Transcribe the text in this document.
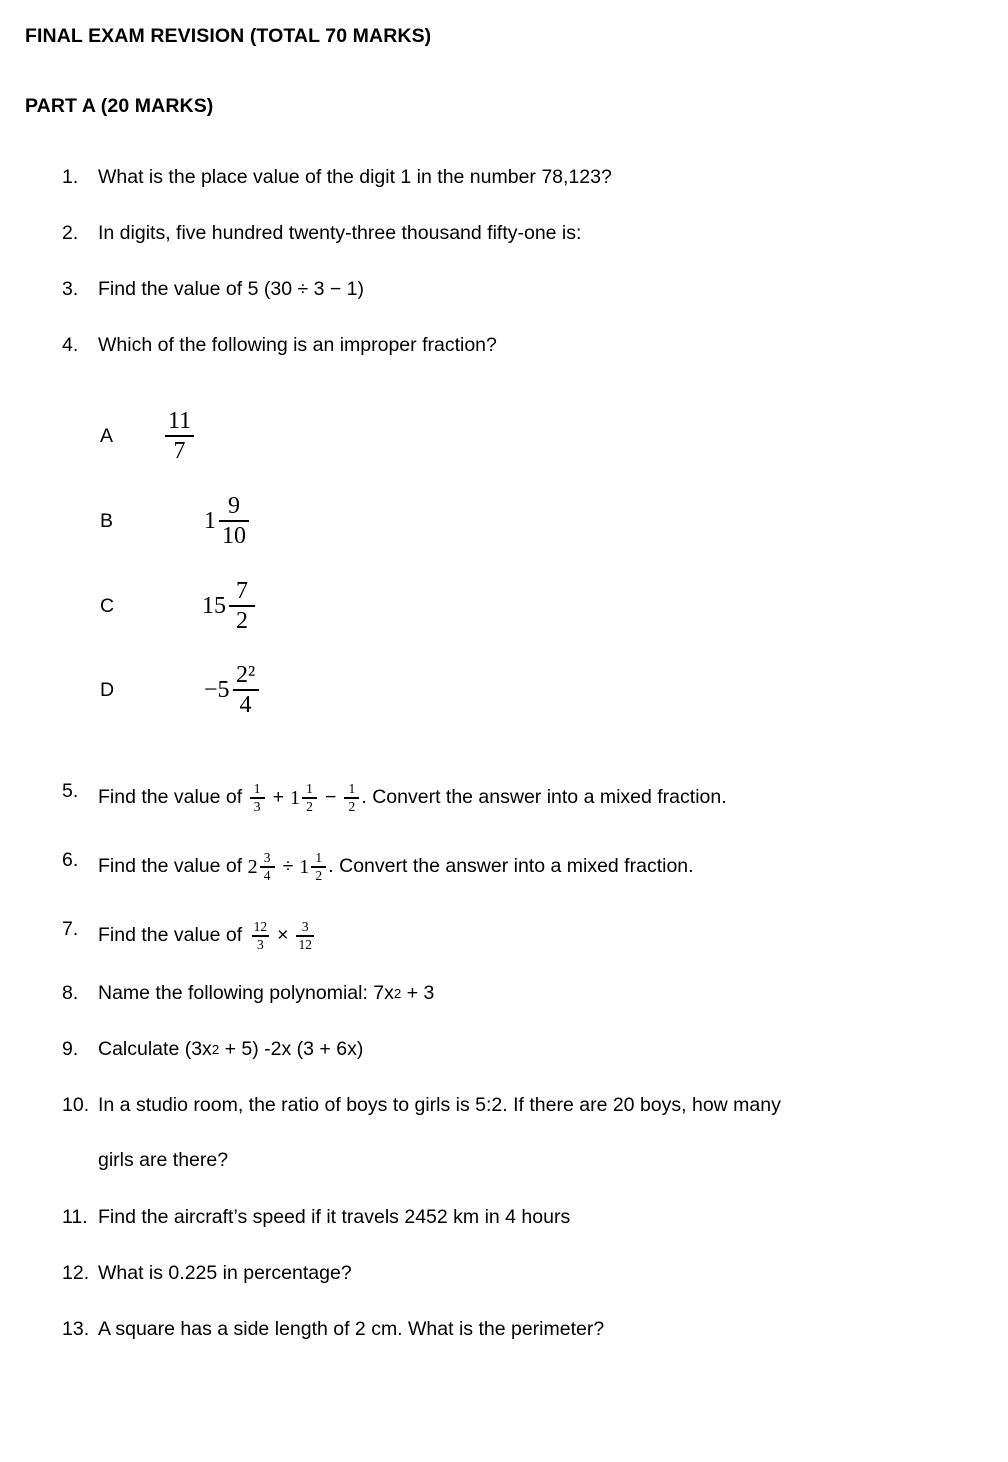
FINAL EXAM REVISION (TOTAL 70 MARKS)
PART A (20 MARKS)
1.	What is the place value of the digit 1 in the number 78,123?
2.	In digits, five hundred twenty-three thousand fifty-one is:
3.	Find the value of 5 (30 ÷ 3 − 1)
4.	Which of the following is an improper fraction?
A
11
7
B	1
9
10
C	15
7
2
D	−5
2²
4
5.	Find the value of $\frac{1}{3} + 1 \frac{1}{2} - \frac{1}{2}$ . Convert the answer into a mixed fraction.
6.	Find the value of $2 \frac{3}{4} \div 1 \frac{1}{2}$ . Convert the answer into a mixed fraction.
7.	Find the value of $\frac{12}{3} \times \frac{3}{12}$
8.	Name the following polynomial: 7x 2 + 3
9.	Calculate (3x 2 + 5) -2x (3 + 6x)
10. In a studio room, the ratio of boys to girls is 5:2. If there are 20 boys, how many
girls are there?
11. Find the aircraft’s speed if it travels 2452 km in 4 hours
12. What is 0.225 in percentage?
13. A square has a side length of 2 cm. What is the perimeter?
